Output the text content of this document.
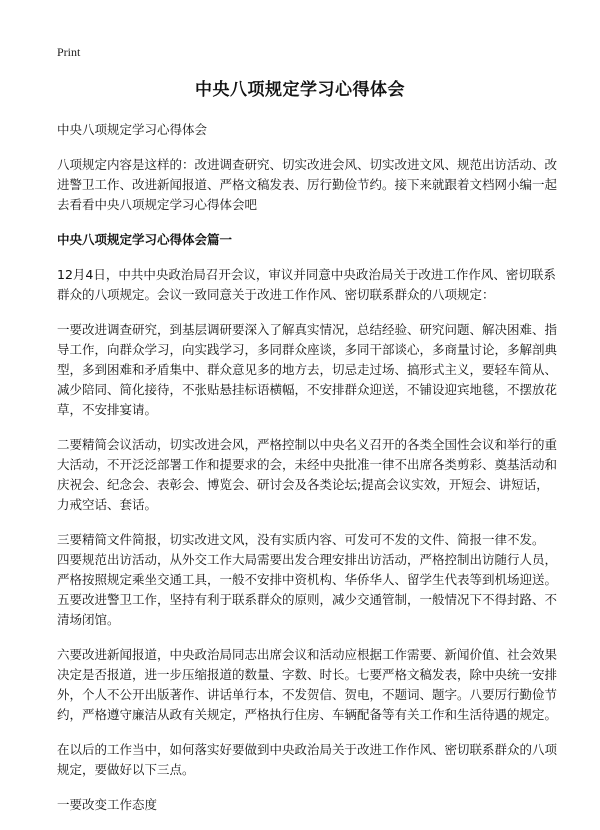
Print
中央八项规定学习心得体会

中央八项规定学习心得体会

八项规定内容是这样的：改进调查研究、切实改进会风、切实改进文风、规范出访活动、改进警卫工作、改进新闻报道、严格文稿发表、厉行勤俭节约。接下来就跟着文档网小编一起去看看中央八项规定学习心得体会吧

中央八项规定学习心得体会篇一

12月4日，中共中央政治局召开会议，审议并同意中央政治局关于改进工作作风、密切联系群众的八项规定。会议一致同意关于改进工作作风、密切联系群众的八项规定：

一要改进调查研究，到基层调研要深入了解真实情况，总结经验、研究问题、解决困难、指导工作，向群众学习，向实践学习，多同群众座谈，多同干部谈心，多商量讨论，多解剖典型，多到困难和矛盾集中、群众意见多的地方去，切忌走过场、搞形式主义，要轻车简从、减少陪同、简化接待，不张贴悬挂标语横幅，不安排群众迎送，不铺设迎宾地毯，不摆放花草，不安排宴请。

二要精简会议活动，切实改进会风，严格控制以中央名义召开的各类全国性会议和举行的重大活动，不开泛泛部署工作和提要求的会，未经中央批准一律不出席各类剪彩、奠基活动和庆祝会、纪念会、表彰会、博览会、研讨会及各类论坛;提高会议实效，开短会、讲短话，力戒空话、套话。

三要精简文件简报，切实改进文风，没有实质内容、可发可不发的文件、简报一律不发。 四要规范出访活动，从外交工作大局需要出发合理安排出访活动，严格控制出访随行人员，严格按照规定乘坐交通工具，一般不安排中资机构、华侨华人、留学生代表等到机场迎送。 五要改进警卫工作，坚持有利于联系群众的原则，减少交通管制，一般情况下不得封路、不清场闭馆。

六要改进新闻报道，中央政治局同志出席会议和活动应根据工作需要、新闻价值、社会效果决定是否报道，进一步压缩报道的数量、字数、时长。七要严格文稿发表，除中央统一安排外，个人不公开出版著作、讲话单行本，不发贺信、贺电，不题词、题字。八要厉行勤俭节约，严格遵守廉洁从政有关规定，严格执行住房、车辆配备等有关工作和生活待遇的规定。

在以后的工作当中，如何落实好要做到中央政治局关于改进工作作风、密切联系群众的八项规定，要做好以下三点。

一要改变工作态度
